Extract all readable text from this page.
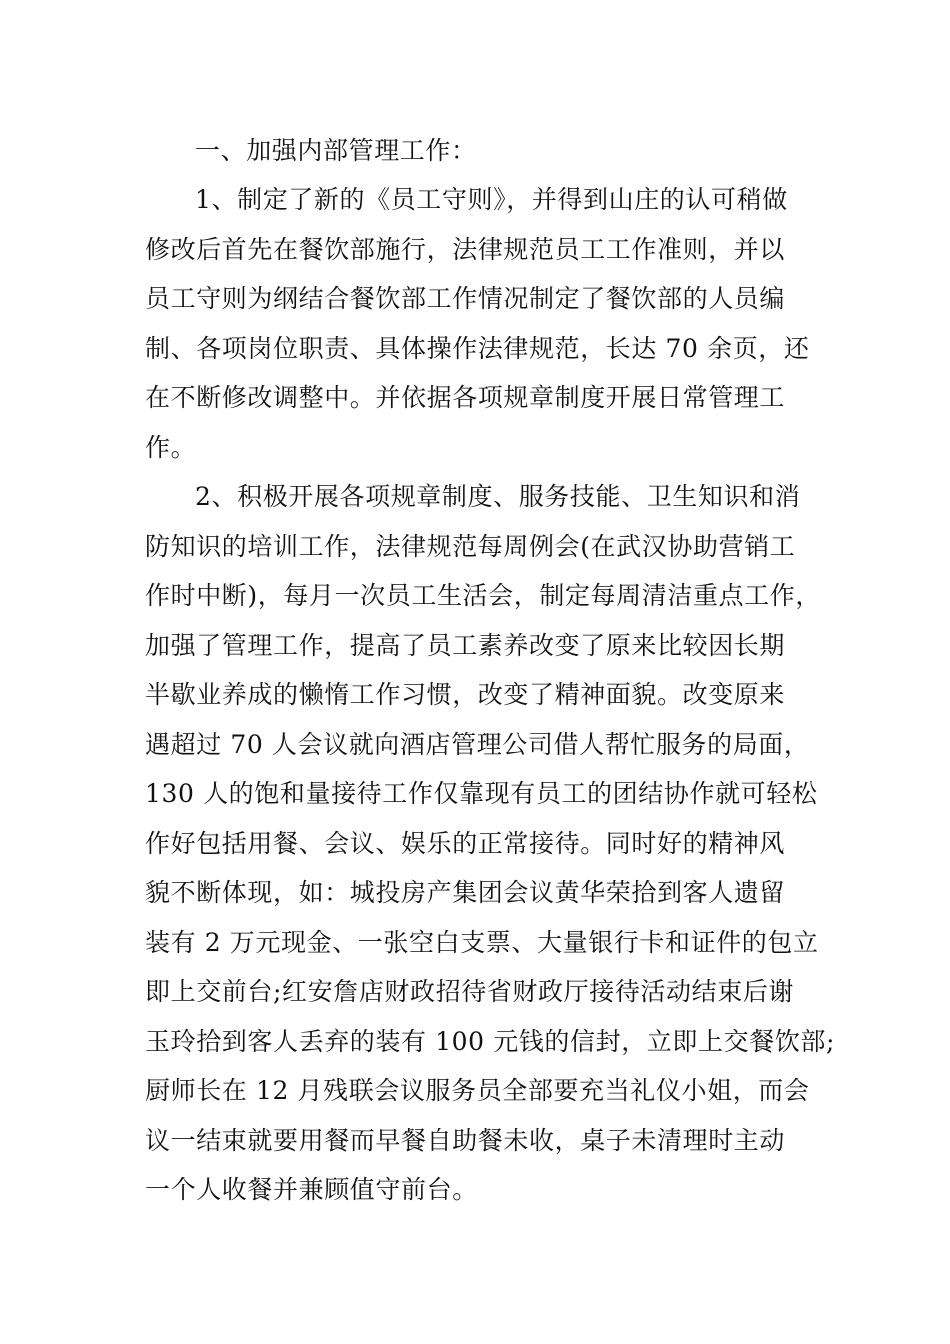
一、加强内部管理工作：
1、制定了新的《员工守则》，并得到山庄的认可稍做
修改后首先在餐饮部施行，法律规范员工工作准则，并以
员工守则为纲结合餐饮部工作情况制定了餐饮部的人员编
制、各项岗位职责、具体操作法律规范，长达 70 余页，还
在不断修改调整中。并依据各项规章制度开展日常管理工
作。
2、积极开展各项规章制度、服务技能、卫生知识和消
防知识的培训工作，法律规范每周例会(在武汉协助营销工
作时中断)，每月一次员工生活会，制定每周清洁重点工作，
加强了管理工作，提高了员工素养改变了原来比较因长期
半歇业养成的懒惰工作习惯，改变了精神面貌。改变原来
遇超过 70 人会议就向酒店管理公司借人帮忙服务的局面，
130 人的饱和量接待工作仅靠现有员工的团结协作就可轻松
作好包括用餐、会议、娱乐的正常接待。同时好的精神风
貌不断体现，如：城投房产集团会议黄华荣拾到客人遗留
装有 2 万元现金、一张空白支票、大量银行卡和证件的包立
即上交前台;红安詹店财政招待省财政厅接待活动结束后谢
玉玲拾到客人丢弃的装有 100 元钱的信封，立即上交餐饮部;
厨师长在 12 月残联会议服务员全部要充当礼仪小姐，而会
议一结束就要用餐而早餐自助餐未收，桌子未清理时主动
一个人收餐并兼顾值守前台。
